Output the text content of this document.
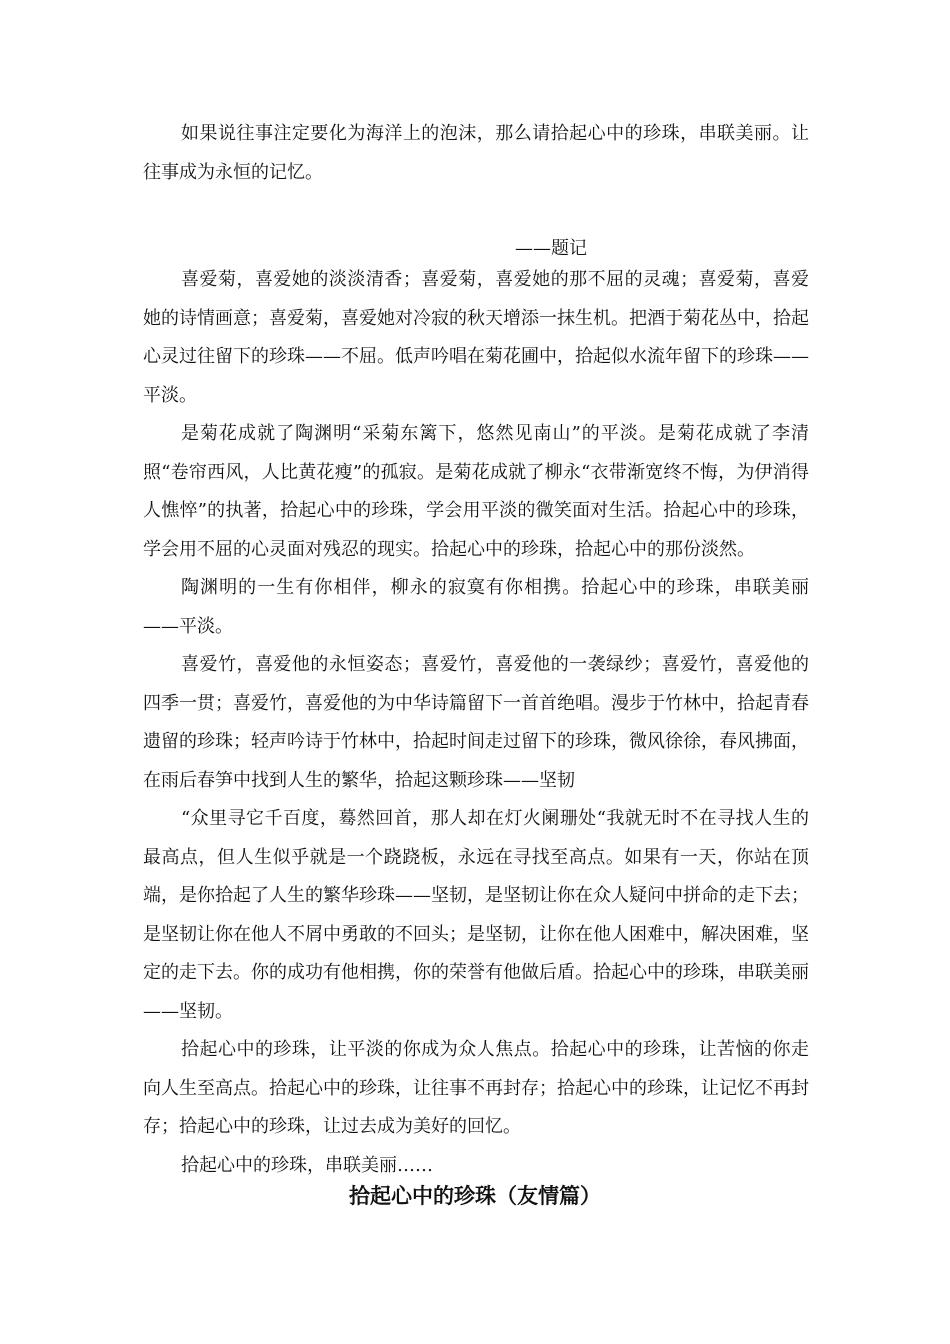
如果说往事注定要化为海洋上的泡沫，那么请拾起心中的珍珠，串联美丽。让往事成为永恒的记忆。

——题记

喜爱菊，喜爱她的淡淡清香；喜爱菊，喜爱她的那不屈的灵魂；喜爱菊，喜爱她的诗情画意；喜爱菊，喜爱她对冷寂的秋天增添一抹生机。把酒于菊花丛中，拾起心灵过往留下的珍珠——不屈。低声吟唱在菊花圃中，拾起似水流年留下的珍珠——平淡。

是菊花成就了陶渊明“采菊东篱下，悠然见南山”的平淡。是菊花成就了李清照“卷帘西风，人比黄花瘦”的孤寂。是菊花成就了柳永“衣带渐宽终不悔，为伊消得人憔悴”的执著，拾起心中的珍珠，学会用平淡的微笑面对生活。拾起心中的珍珠，学会用不屈的心灵面对残忍的现实。拾起心中的珍珠，拾起心中的那份淡然。

陶渊明的一生有你相伴，柳永的寂寞有你相携。拾起心中的珍珠，串联美丽——平淡。

喜爱竹，喜爱他的永恒姿态；喜爱竹，喜爱他的一袭绿纱；喜爱竹，喜爱他的四季一贯；喜爱竹，喜爱他的为中华诗篇留下一首首绝唱。漫步于竹林中，拾起青春遗留的珍珠；轻声吟诗于竹林中，拾起时间走过留下的珍珠，微风徐徐，春风拂面，在雨后春笋中找到人生的繁华，拾起这颗珍珠——坚韧

“众里寻它千百度，蓦然回首，那人却在灯火阑珊处“我就无时不在寻找人生的最高点，但人生似乎就是一个跷跷板，永远在寻找至高点。如果有一天，你站在顶端，是你拾起了人生的繁华珍珠——坚韧，是坚韧让你在众人疑问中拼命的走下去；是坚韧让你在他人不屑中勇敢的不回头；是坚韧，让你在他人困难中，解决困难，坚定的走下去。你的成功有他相携，你的荣誉有他做后盾。拾起心中的珍珠，串联美丽——坚韧。

拾起心中的珍珠，让平淡的你成为众人焦点。拾起心中的珍珠，让苦恼的你走向人生至高点。拾起心中的珍珠，让往事不再封存；拾起心中的珍珠，让记忆不再封存；拾起心中的珍珠，让过去成为美好的回忆。

拾起心中的珍珠，串联美丽……

拾起心中的珍珠（友情篇）
